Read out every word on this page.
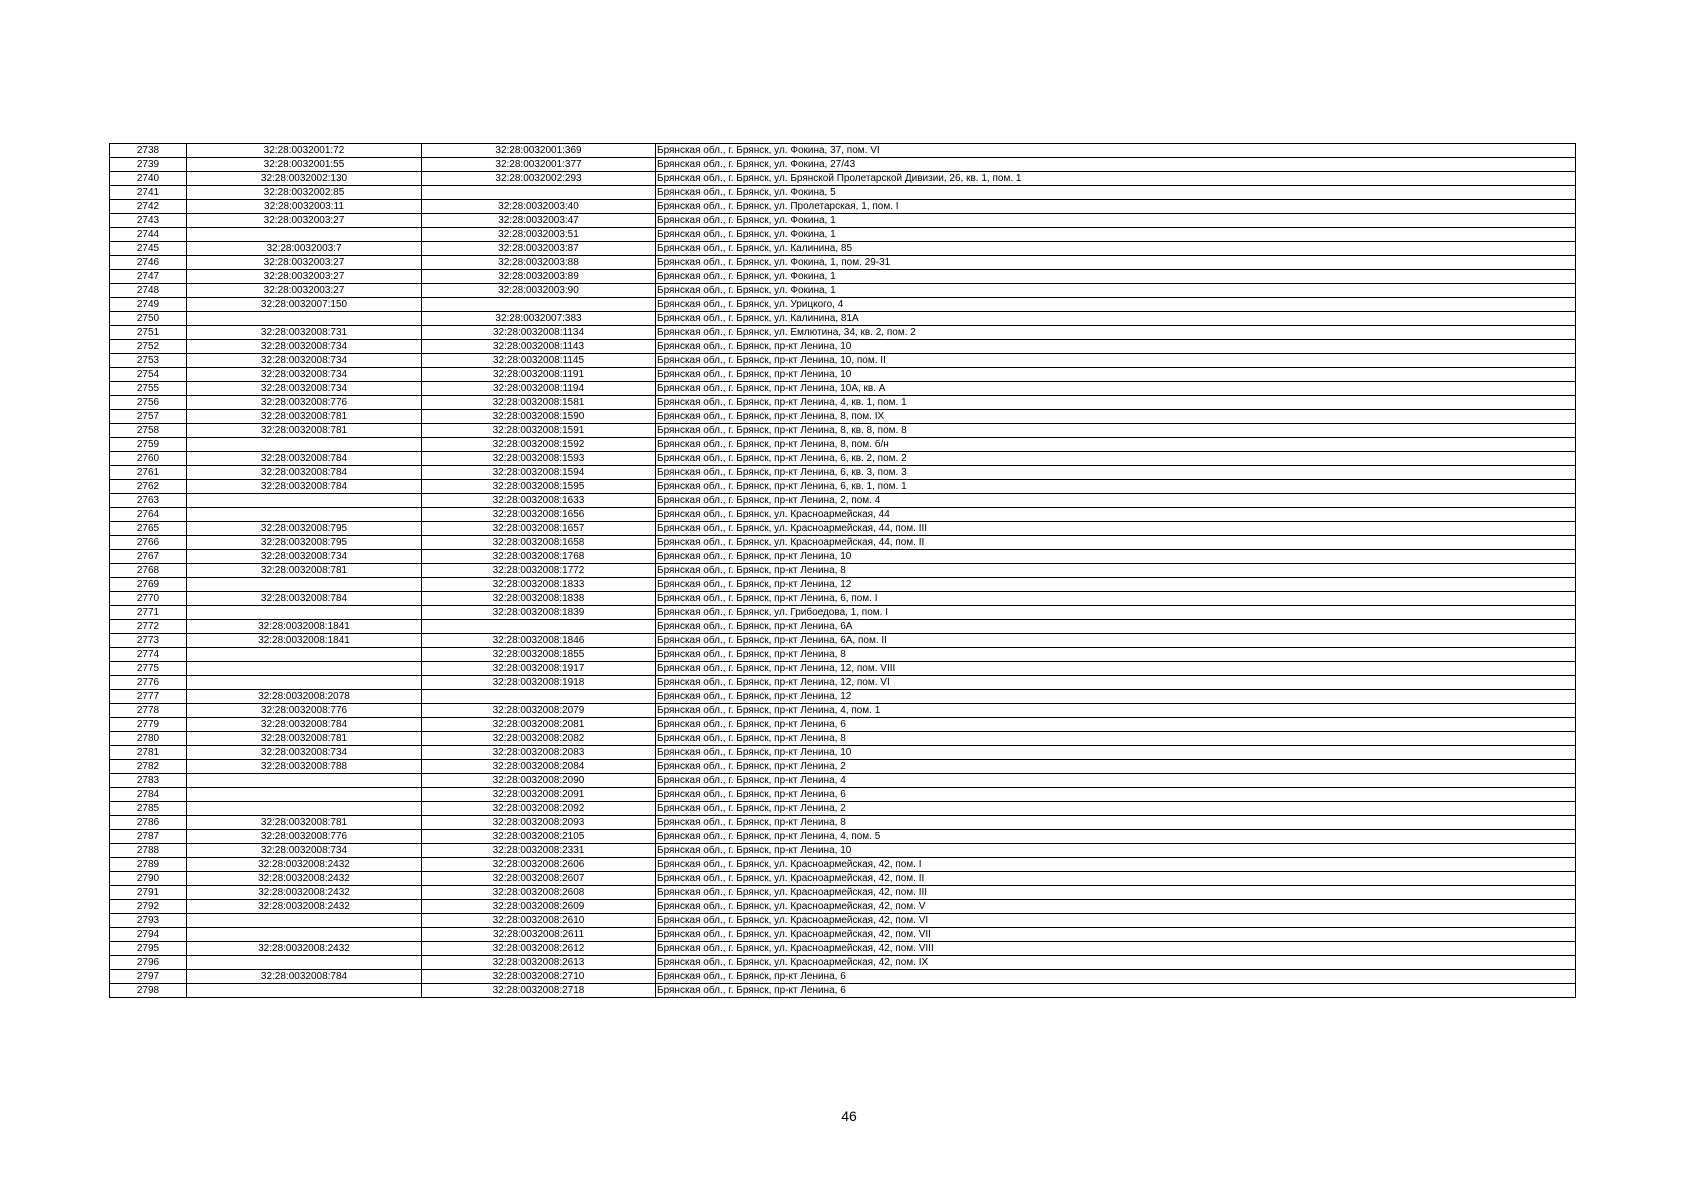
2738	32:28:0032001:72	32:28:0032001:369	Брянская обл., г. Брянск, ул. Фокина, 37, пом. VI
2739	32:28:0032001:55	32:28:0032001:377	Брянская обл., г. Брянск, ул. Фокина, 27/43
2740	32:28:0032002:130	32:28:0032002:293	Брянская обл., г. Брянск, ул. Брянской Пролетарской Дивизии, 26, кв. 1, пом. 1
2741	32:28:0032002:85		Брянская обл., г. Брянск, ул. Фокина, 5
2742	32:28:0032003:11	32:28:0032003:40	Брянская обл., г. Брянск, ул. Пролетарская, 1, пом. I
2743	32:28:0032003:27	32:28:0032003:47	Брянская обл., г. Брянск, ул. Фокина, 1
2744		32:28:0032003:51	Брянская обл., г. Брянск, ул. Фокина, 1
2745	32:28:0032003:7	32:28:0032003:87	Брянская обл., г. Брянск, ул. Калинина, 85
2746	32:28:0032003:27	32:28:0032003:88	Брянская обл., г. Брянск, ул. Фокина, 1, пом. 29-31
2747	32:28:0032003:27	32:28:0032003:89	Брянская обл., г. Брянск, ул. Фокина, 1
2748	32:28:0032003:27	32:28:0032003:90	Брянская обл., г. Брянск, ул. Фокина, 1
2749	32:28:0032007:150		Брянская обл., г. Брянск, ул. Урицкого, 4
2750		32:28:0032007:383	Брянская обл., г. Брянск, ул. Калинина, 81А
2751	32:28:0032008:731	32:28:0032008:1134	Брянская обл., г. Брянск, ул. Емлютина, 34, кв. 2, пом. 2
2752	32:28:0032008:734	32:28:0032008:1143	Брянская обл., г. Брянск, пр-кт Ленина, 10
2753	32:28:0032008:734	32:28:0032008:1145	Брянская обл., г. Брянск, пр-кт Ленина, 10, пом. II
2754	32:28:0032008:734	32:28:0032008:1191	Брянская обл., г. Брянск, пр-кт Ленина, 10
2755	32:28:0032008:734	32:28:0032008:1194	Брянская обл., г. Брянск, пр-кт Ленина, 10А, кв. А
2756	32:28:0032008:776	32:28:0032008:1581	Брянская обл., г. Брянск, пр-кт Ленина, 4, кв. 1, пом. 1
2757	32:28:0032008:781	32:28:0032008:1590	Брянская обл., г. Брянск, пр-кт Ленина, 8, пом. IX
2758	32:28:0032008:781	32:28:0032008:1591	Брянская обл., г. Брянск, пр-кт Ленина, 8, кв. 8, пом. 8
2759		32:28:0032008:1592	Брянская обл., г. Брянск, пр-кт Ленина, 8, пом. б/н
2760	32:28:0032008:784	32:28:0032008:1593	Брянская обл., г. Брянск, пр-кт Ленина, 6, кв. 2, пом. 2
2761	32:28:0032008:784	32:28:0032008:1594	Брянская обл., г. Брянск, пр-кт Ленина, 6, кв. 3, пом. 3
2762	32:28:0032008:784	32:28:0032008:1595	Брянская обл., г. Брянск, пр-кт Ленина, 6, кв. 1, пом. 1
2763		32:28:0032008:1633	Брянская обл., г. Брянск, пр-кт Ленина, 2, пом. 4
2764		32:28:0032008:1656	Брянская обл., г. Брянск, ул. Красноармейская, 44
2765	32:28:0032008:795	32:28:0032008:1657	Брянская обл., г. Брянск, ул. Красноармейская, 44, пом. III
2766	32:28:0032008:795	32:28:0032008:1658	Брянская обл., г. Брянск, ул. Красноармейская, 44, пом. II
2767	32:28:0032008:734	32:28:0032008:1768	Брянская обл., г. Брянск, пр-кт Ленина, 10
2768	32:28:0032008:781	32:28:0032008:1772	Брянская обл., г. Брянск, пр-кт Ленина, 8
2769		32:28:0032008:1833	Брянская обл., г. Брянск, пр-кт Ленина, 12
2770	32:28:0032008:784	32:28:0032008:1838	Брянская обл., г. Брянск, пр-кт Ленина, 6, пом. I
2771		32:28:0032008:1839	Брянская обл., г. Брянск, ул. Грибоедова, 1, пом. I
2772	32:28:0032008:1841		Брянская обл., г. Брянск, пр-кт Ленина, 6А
2773	32:28:0032008:1841	32:28:0032008:1846	Брянская обл., г. Брянск, пр-кт Ленина, 6А, пом. II
2774		32:28:0032008:1855	Брянская обл., г. Брянск, пр-кт Ленина, 8
2775		32:28:0032008:1917	Брянская обл., г. Брянск, пр-кт Ленина, 12, пом. VIII
2776		32:28:0032008:1918	Брянская обл., г. Брянск, пр-кт Ленина, 12, пом. VI
2777	32:28:0032008:2078		Брянская обл., г. Брянск, пр-кт Ленина, 12
2778	32:28:0032008:776	32:28:0032008:2079	Брянская обл., г. Брянск, пр-кт Ленина, 4, пом. 1
2779	32:28:0032008:784	32:28:0032008:2081	Брянская обл., г. Брянск, пр-кт Ленина, 6
2780	32:28:0032008:781	32:28:0032008:2082	Брянская обл., г. Брянск, пр-кт Ленина, 8
2781	32:28:0032008:734	32:28:0032008:2083	Брянская обл., г. Брянск, пр-кт Ленина, 10
2782	32:28:0032008:788	32:28:0032008:2084	Брянская обл., г. Брянск, пр-кт Ленина, 2
2783		32:28:0032008:2090	Брянская обл., г. Брянск, пр-кт Ленина, 4
2784		32:28:0032008:2091	Брянская обл., г. Брянск, пр-кт Ленина, 6
2785		32:28:0032008:2092	Брянская обл., г. Брянск, пр-кт Ленина, 2
2786	32:28:0032008:781	32:28:0032008:2093	Брянская обл., г. Брянск, пр-кт Ленина, 8
2787	32:28:0032008:776	32:28:0032008:2105	Брянская обл., г. Брянск, пр-кт Ленина, 4, пом. 5
2788	32:28:0032008:734	32:28:0032008:2331	Брянская обл., г. Брянск, пр-кт Ленина, 10
2789	32:28:0032008:2432	32:28:0032008:2606	Брянская обл., г. Брянск, ул. Красноармейская, 42, пом. I
2790	32:28:0032008:2432	32:28:0032008:2607	Брянская обл., г. Брянск, ул. Красноармейская, 42, пом. II
2791	32:28:0032008:2432	32:28:0032008:2608	Брянская обл., г. Брянск, ул. Красноармейская, 42, пом. III
2792	32:28:0032008:2432	32:28:0032008:2609	Брянская обл., г. Брянск, ул. Красноармейская, 42, пом. V
2793		32:28:0032008:2610	Брянская обл., г. Брянск, ул. Красноармейская, 42, пом. VI
2794		32:28:0032008:2611	Брянская обл., г. Брянск, ул. Красноармейская, 42, пом. VII
2795	32:28:0032008:2432	32:28:0032008:2612	Брянская обл., г. Брянск, ул. Красноармейская, 42, пом. VIII
2796		32:28:0032008:2613	Брянская обл., г. Брянск, ул. Красноармейская, 42, пом. IX
2797	32:28:0032008:784	32:28:0032008:2710	Брянская обл., г. Брянск, пр-кт Ленина, 6
2798		32:28:0032008:2718	Брянская обл., г. Брянск, пр-кт Ленина, 6
46
